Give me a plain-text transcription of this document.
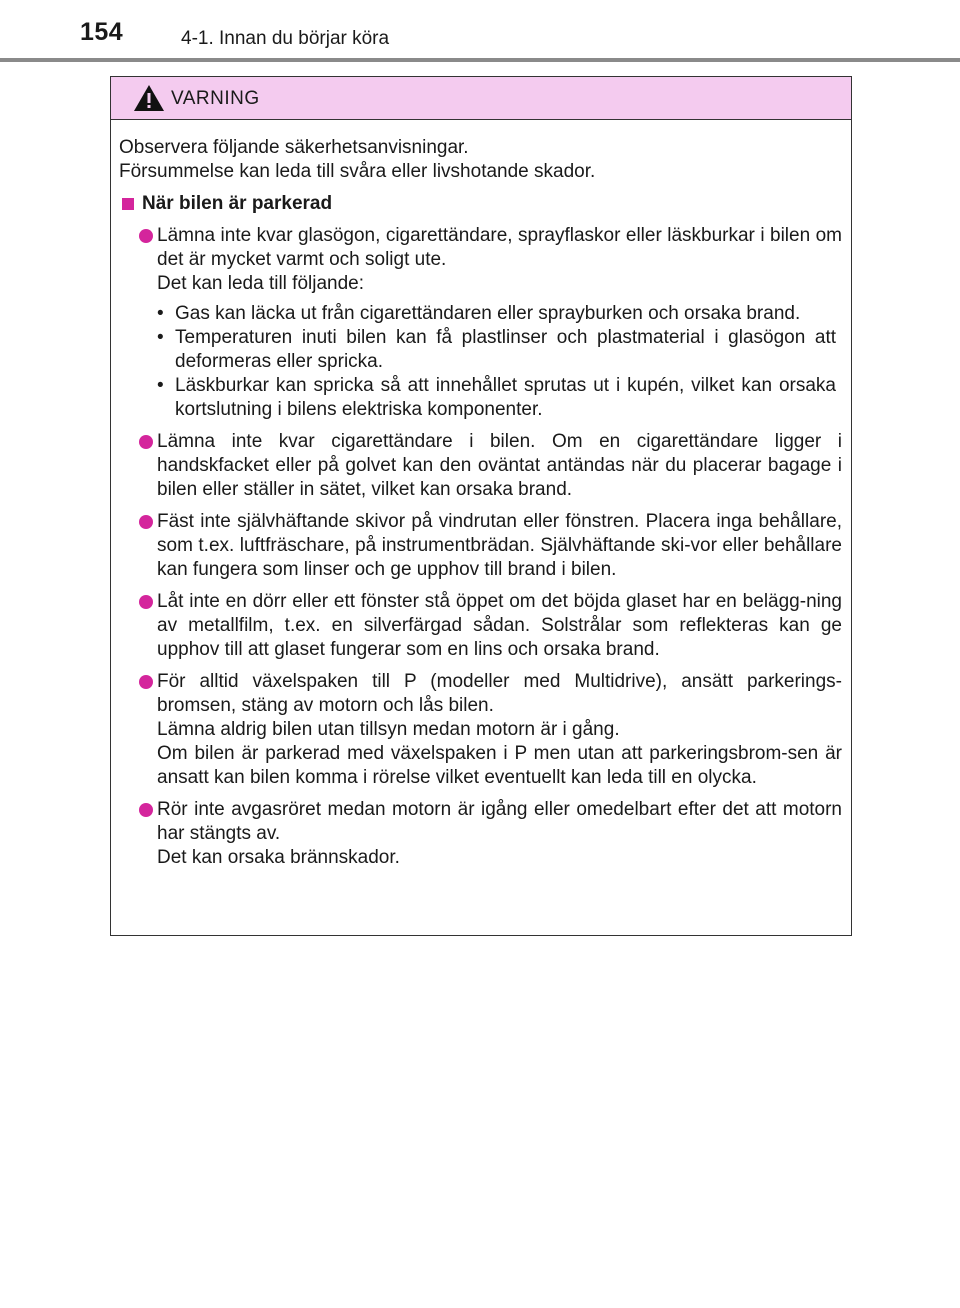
154	4-1. Innan du börjar köra
VARNING

Observera följande säkerhetsanvisningar.

Försummelse kan leda till svåra eller livshotande skador.

När bilen är parkerad

Lämna inte kvar glasögon, cigarettändare, sprayflaskor eller läskburkar i bilen om det är mycket varmt och soligt ute.

Det kan leda till följande:

• Gas kan läcka ut från cigarettändaren eller sprayburken och orsaka brand.
• Temperaturen inuti bilen kan få plastlinser och plastmaterial i glasögon att deformeras eller spricka.
• Läskburkar kan spricka så att innehållet sprutas ut i kupén, vilket kan orsaka kortslutning i bilens elektriska komponenter.

Lämna inte kvar cigarettändare i bilen. Om en cigarettändare ligger i handskfacket eller på golvet kan den oväntat antändas när du placerar bagage i bilen eller ställer in sätet, vilket kan orsaka brand.

Fäst inte självhäftande skivor på vindrutan eller fönstren. Placera inga behållare, som t.ex. luftfräschare, på instrumentbrädan. Självhäftande ski-vor eller behållare kan fungera som linser och ge upphov till brand i bilen.

Låt inte en dörr eller ett fönster stå öppet om det böjda glaset har en belägg-ning av metallfilm, t.ex. en silverfärgad sådan. Solstrålar som reflekteras kan ge upphov till att glaset fungerar som en lins och orsaka brand.

För alltid växelspaken till P (modeller med Multidrive), ansätt parkerings-bromsen, stäng av motorn och lås bilen.

Lämna aldrig bilen utan tillsyn medan motorn är i gång.

Om bilen är parkerad med växelspaken i P men utan att parkeringsbrom-sen är ansatt kan bilen komma i rörelse vilket eventuellt kan leda till en olycka.

Rör inte avgasröret medan motorn är igång eller omedelbart efter det att motorn har stängts av.

Det kan orsaka brännskador.
